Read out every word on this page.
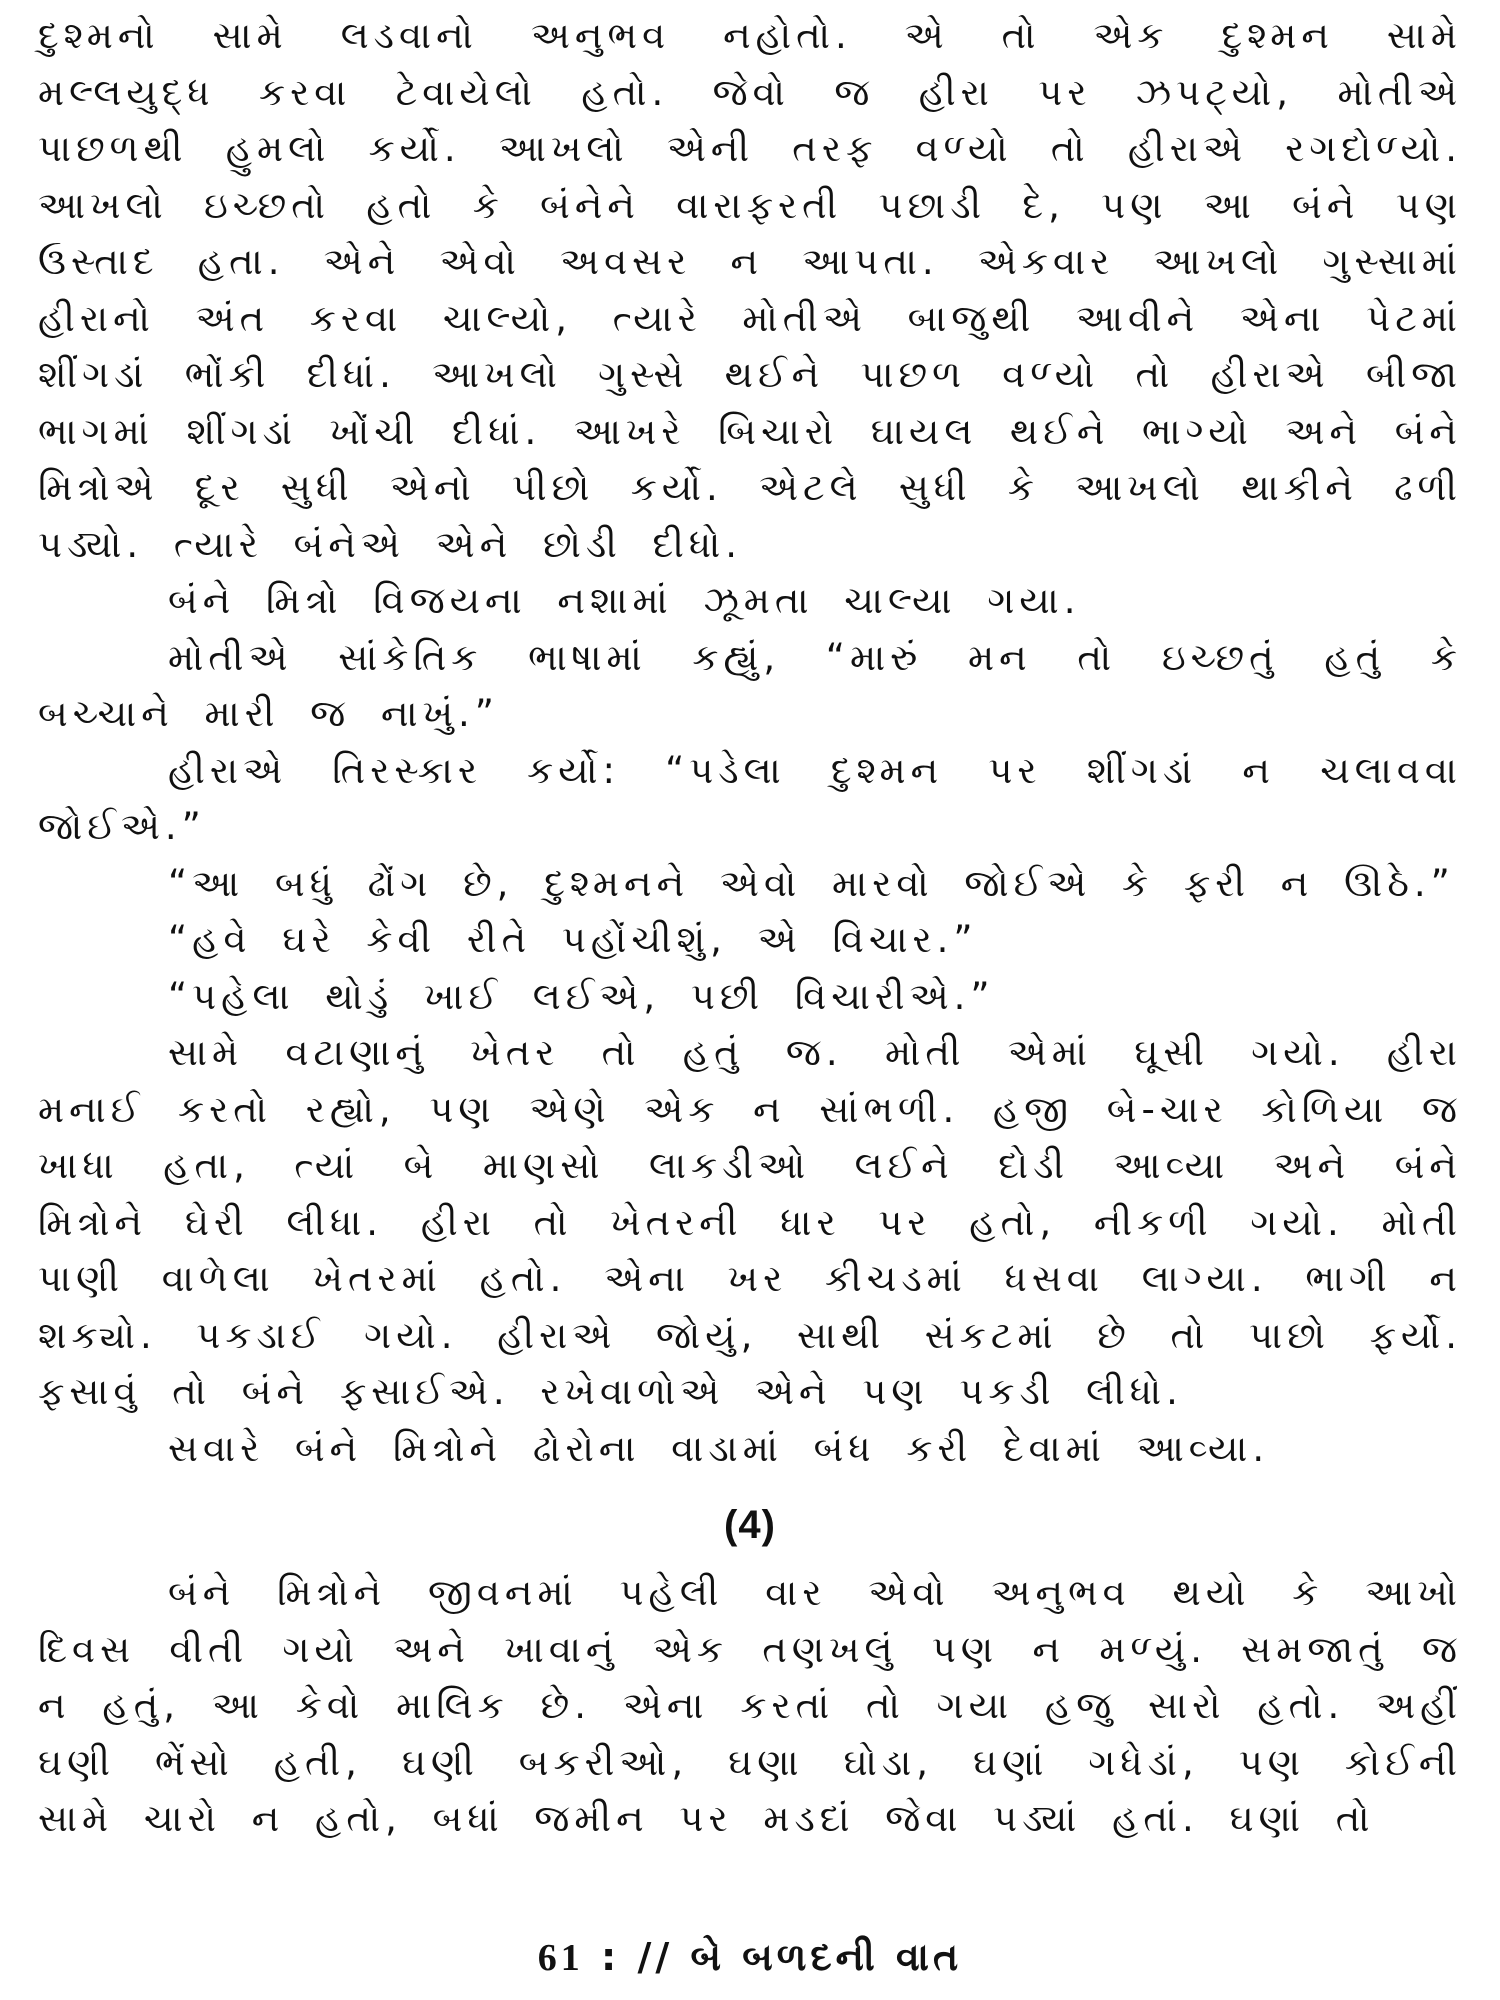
દુશ્મનો સામે લડવાનો અનુભવ નહોતો. એ તો એક દુશ્મન સામે મલ્લયુદ્ધ કરવા ટેવાયેલો હતો. જેવો જ હીરા પર ઝપટ્યો, મોતીએ પાછળથી હુમલો કર્યો. આખલો એની તરફ વળ્યો તો હીરાએ રગદોળ્યો. આખલો ઇચ્છતો હતો કે બંનેને વારાફરતી પછાડી દે, પણ આ બંને પણ ઉસ્તાદ હતા. એને એવો અવસર ન આપતા. એકવાર આખલો ગુસ્સામાં હીરાનો અંત કરવા ચાલ્યો, ત્યારે મોતીએ બાજુથી આવીને એના પેટમાં શીંગડાં ભોંકી દીધાં. આખલો ગુસ્સે થઈને પાછળ વળ્યો તો હીરાએ બીજા ભાગમાં શીંગડાં ખોંચી દીધાં. આખરે બિચારો ઘાયલ થઈને ભાગ્યો અને બંને મિત્રોએ દૂર સુધી એનો પીછો કર્યો. એટલે સુધી કે આખલો થાકીને ઢળી પડ્યો. ત્યારે બંનેએ એને છોડી દીધો.

બંને મિત્રો વિજયના નશામાં ઝૂમતા ચાલ્યા ગયા.

મોતીએ સાંકેતિક ભાષામાં કહ્યું, “મારું મન તો ઇચ્છતું હતું કે બચ્ચાને મારી જ નાખું.”

હીરાએ તિરસ્કાર કર્યો: “પડેલા દુશ્મન પર શીંગડાં ન ચલાવવા જોઈએ.”

“આ બધું ઢોંગ છે, દુશ્મનને એવો મારવો જોઈએ કે ફરી ન ઊઠે.”

“હવે ઘરે કેવી રીતે પહોંચીશું, એ વિચાર.”

“પહેલા થોડું ખાઈ લઈએ, પછી વિચારીએ.”

સામે વટાણાનું ખેતર તો હતું જ. મોતી એમાં ઘૂસી ગયો. હીરા મનાઈ કરતો રહ્યો, પણ એણે એક ન સાંભળી. હજી બે-ચાર કોળિયા જ ખાધા હતા, ત્યાં બે માણસો લાકડીઓ લઈને દોડી આવ્યા અને બંને મિત્રોને ઘેરી લીધા. હીરા તો ખેતરની ધાર પર હતો, નીકળી ગયો. મોતી પાણી વાળેલા ખેતરમાં હતો. એના ખર કીચડમાં ધસવા લાગ્યા. ભાગી ન શક્યો. પકડાઈ ગયો. હીરાએ જોયું, સાથી સંકટમાં છે તો પાછો ફર્યો. ફસાવું તો બંને ફસાઈએ. રખેવાળોએ એને પણ પકડી લીધો.

સવારે બંને મિત્રોને ઢોરોના વાડામાં બંધ કરી દેવામાં આવ્યા.

(4)

બંને મિત્રોને જીવનમાં પહેલી વાર એવો અનુભવ થયો કે આખો દિવસ વીતી ગયો અને ખાવાનું એક તણખલું પણ ન મળ્યું. સમજાતું જ ન હતું, આ કેવો માલિક છે. એના કરતાં તો ગયા હજુ સારો હતો. અહીં ઘણી ભેંસો હતી, ઘણી બકરીઓ, ઘણા ઘોડા, ઘણાં ગધેડાં, પણ કોઈની સામે ચારો ન હતો, બધાં જમીન પર મડદાં જેવા પડ્યાં હતાં. ઘણાં તો

61 : // બે બળદની વાત
